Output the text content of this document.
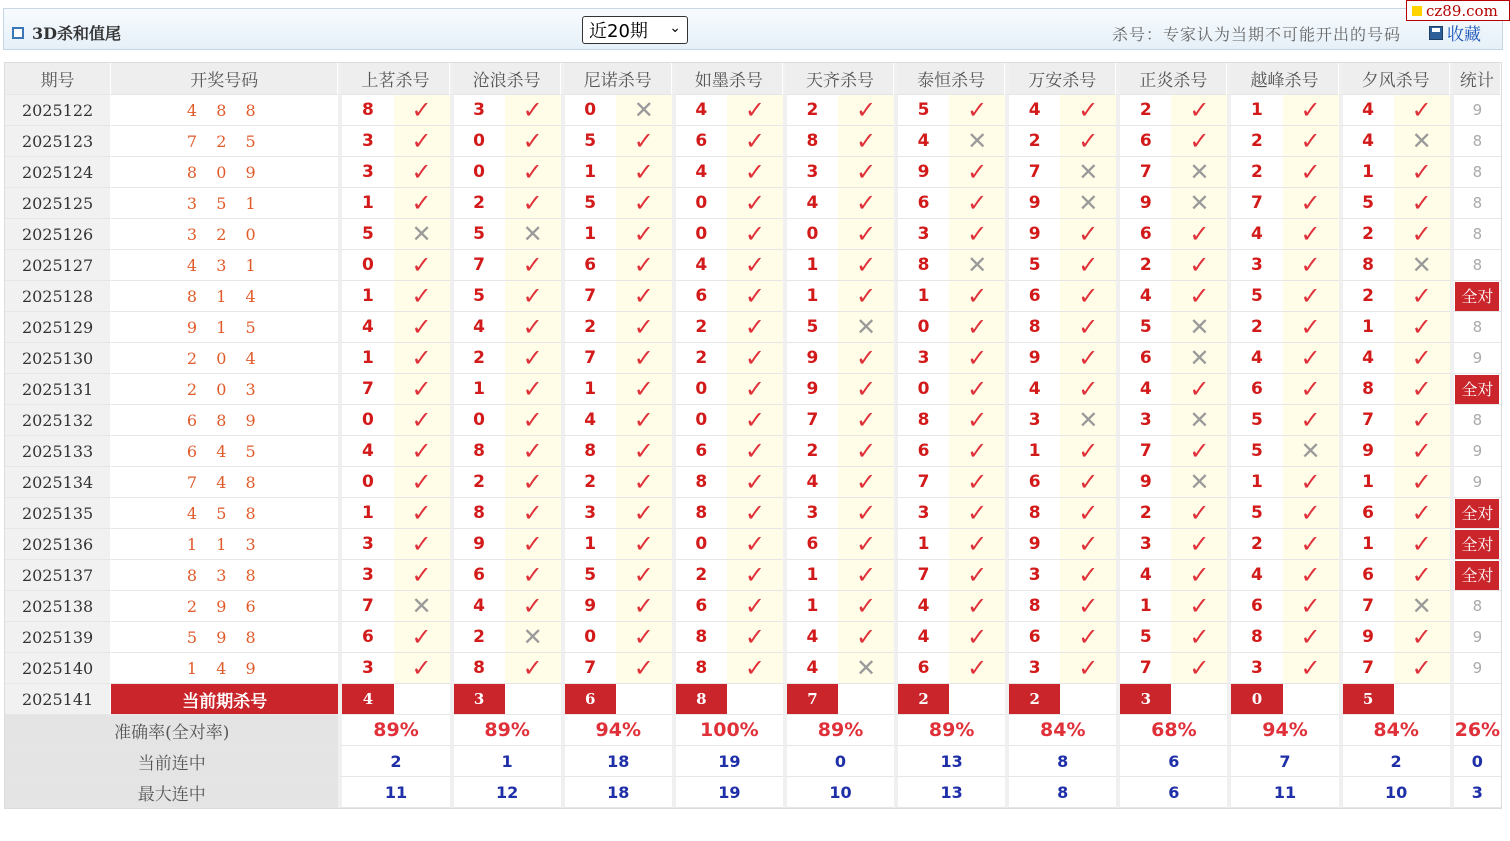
3D杀和值尾	近20期 ⌄	杀号：专家认为当期不可能开出的号码	收藏
cz89.com
期号	开奖号码	上茗杀号		沧浪杀号		尼诺杀号		如墨杀号		天齐杀号		泰恒杀号		万安杀号		正炎杀号		越峰杀号		夕风杀号		统计
2025122	4 8 8	8	✓	3	✓	0	✕	4	✓	2	✓	5	✓	4	✓	2	✓	1	✓	4	✓	9
2025123	7 2 5	3	✓	0	✓	5	✓	6	✓	8	✓	4	✕	2	✓	6	✓	2	✓	4	✕	8
2025124	8 0 9	3	✓	0	✓	1	✓	4	✓	3	✓	9	✓	7	✕	7	✕	2	✓	1	✓	8
2025125	3 5 1	1	✓	2	✓	5	✓	0	✓	4	✓	6	✓	9	✕	9	✕	7	✓	5	✓	8
2025126	3 2 0	5	✕	5	✕	1	✓	0	✓	0	✓	3	✓	9	✓	6	✓	4	✓	2	✓	8
2025127	4 3 1	0	✓	7	✓	6	✓	4	✓	1	✓	8	✕	5	✓	2	✓	3	✓	8	✕	8
2025128	8 1 4	1	✓	5	✓	7	✓	6	✓	1	✓	1	✓	6	✓	4	✓	5	✓	2	✓	全对
2025129	9 1 5	4	✓	4	✓	2	✓	2	✓	5	✕	0	✓	8	✓	5	✕	2	✓	1	✓	8
2025130	2 0 4	1	✓	2	✓	7	✓	2	✓	9	✓	3	✓	9	✓	6	✕	4	✓	4	✓	9
2025131	2 0 3	7	✓	1	✓	1	✓	0	✓	9	✓	0	✓	4	✓	4	✓	6	✓	8	✓	全对
2025132	6 8 9	0	✓	0	✓	4	✓	0	✓	7	✓	8	✓	3	✕	3	✕	5	✓	7	✓	8
2025133	6 4 5	4	✓	8	✓	8	✓	6	✓	2	✓	6	✓	1	✓	7	✓	5	✕	9	✓	9
2025134	7 4 8	0	✓	2	✓	2	✓	8	✓	4	✓	7	✓	6	✓	9	✕	1	✓	1	✓	9
2025135	4 5 8	1	✓	8	✓	3	✓	8	✓	3	✓	3	✓	8	✓	2	✓	5	✓	6	✓	全对
2025136	1 1 3	3	✓	9	✓	1	✓	0	✓	6	✓	1	✓	9	✓	3	✓	2	✓	1	✓	全对
2025137	8 3 8	3	✓	6	✓	5	✓	2	✓	1	✓	7	✓	3	✓	4	✓	4	✓	6	✓	全对
2025138	2 9 6	7	✕	4	✓	9	✓	6	✓	1	✓	4	✓	8	✓	1	✓	6	✓	7	✕	8
2025139	5 9 8	6	✓	2	✕	0	✓	8	✓	4	✓	4	✓	6	✓	5	✓	8	✓	9	✓	9
2025140	1 4 9	3	✓	8	✓	7	✓	8	✓	4	✕	6	✓	3	✓	7	✓	3	✓	7	✓	9
2025141	当前期杀号	4		3		6		8		7		2		2		3		0		5		
准确率(全对率)		89%		89%		94%		100%		89%		89%		84%		68%		94%		84%		26%
当前连中		2		1		18		19		0		13		8		6		7		2		0
最大连中		11		12		18		19		10		13		8		6		11		10		3
